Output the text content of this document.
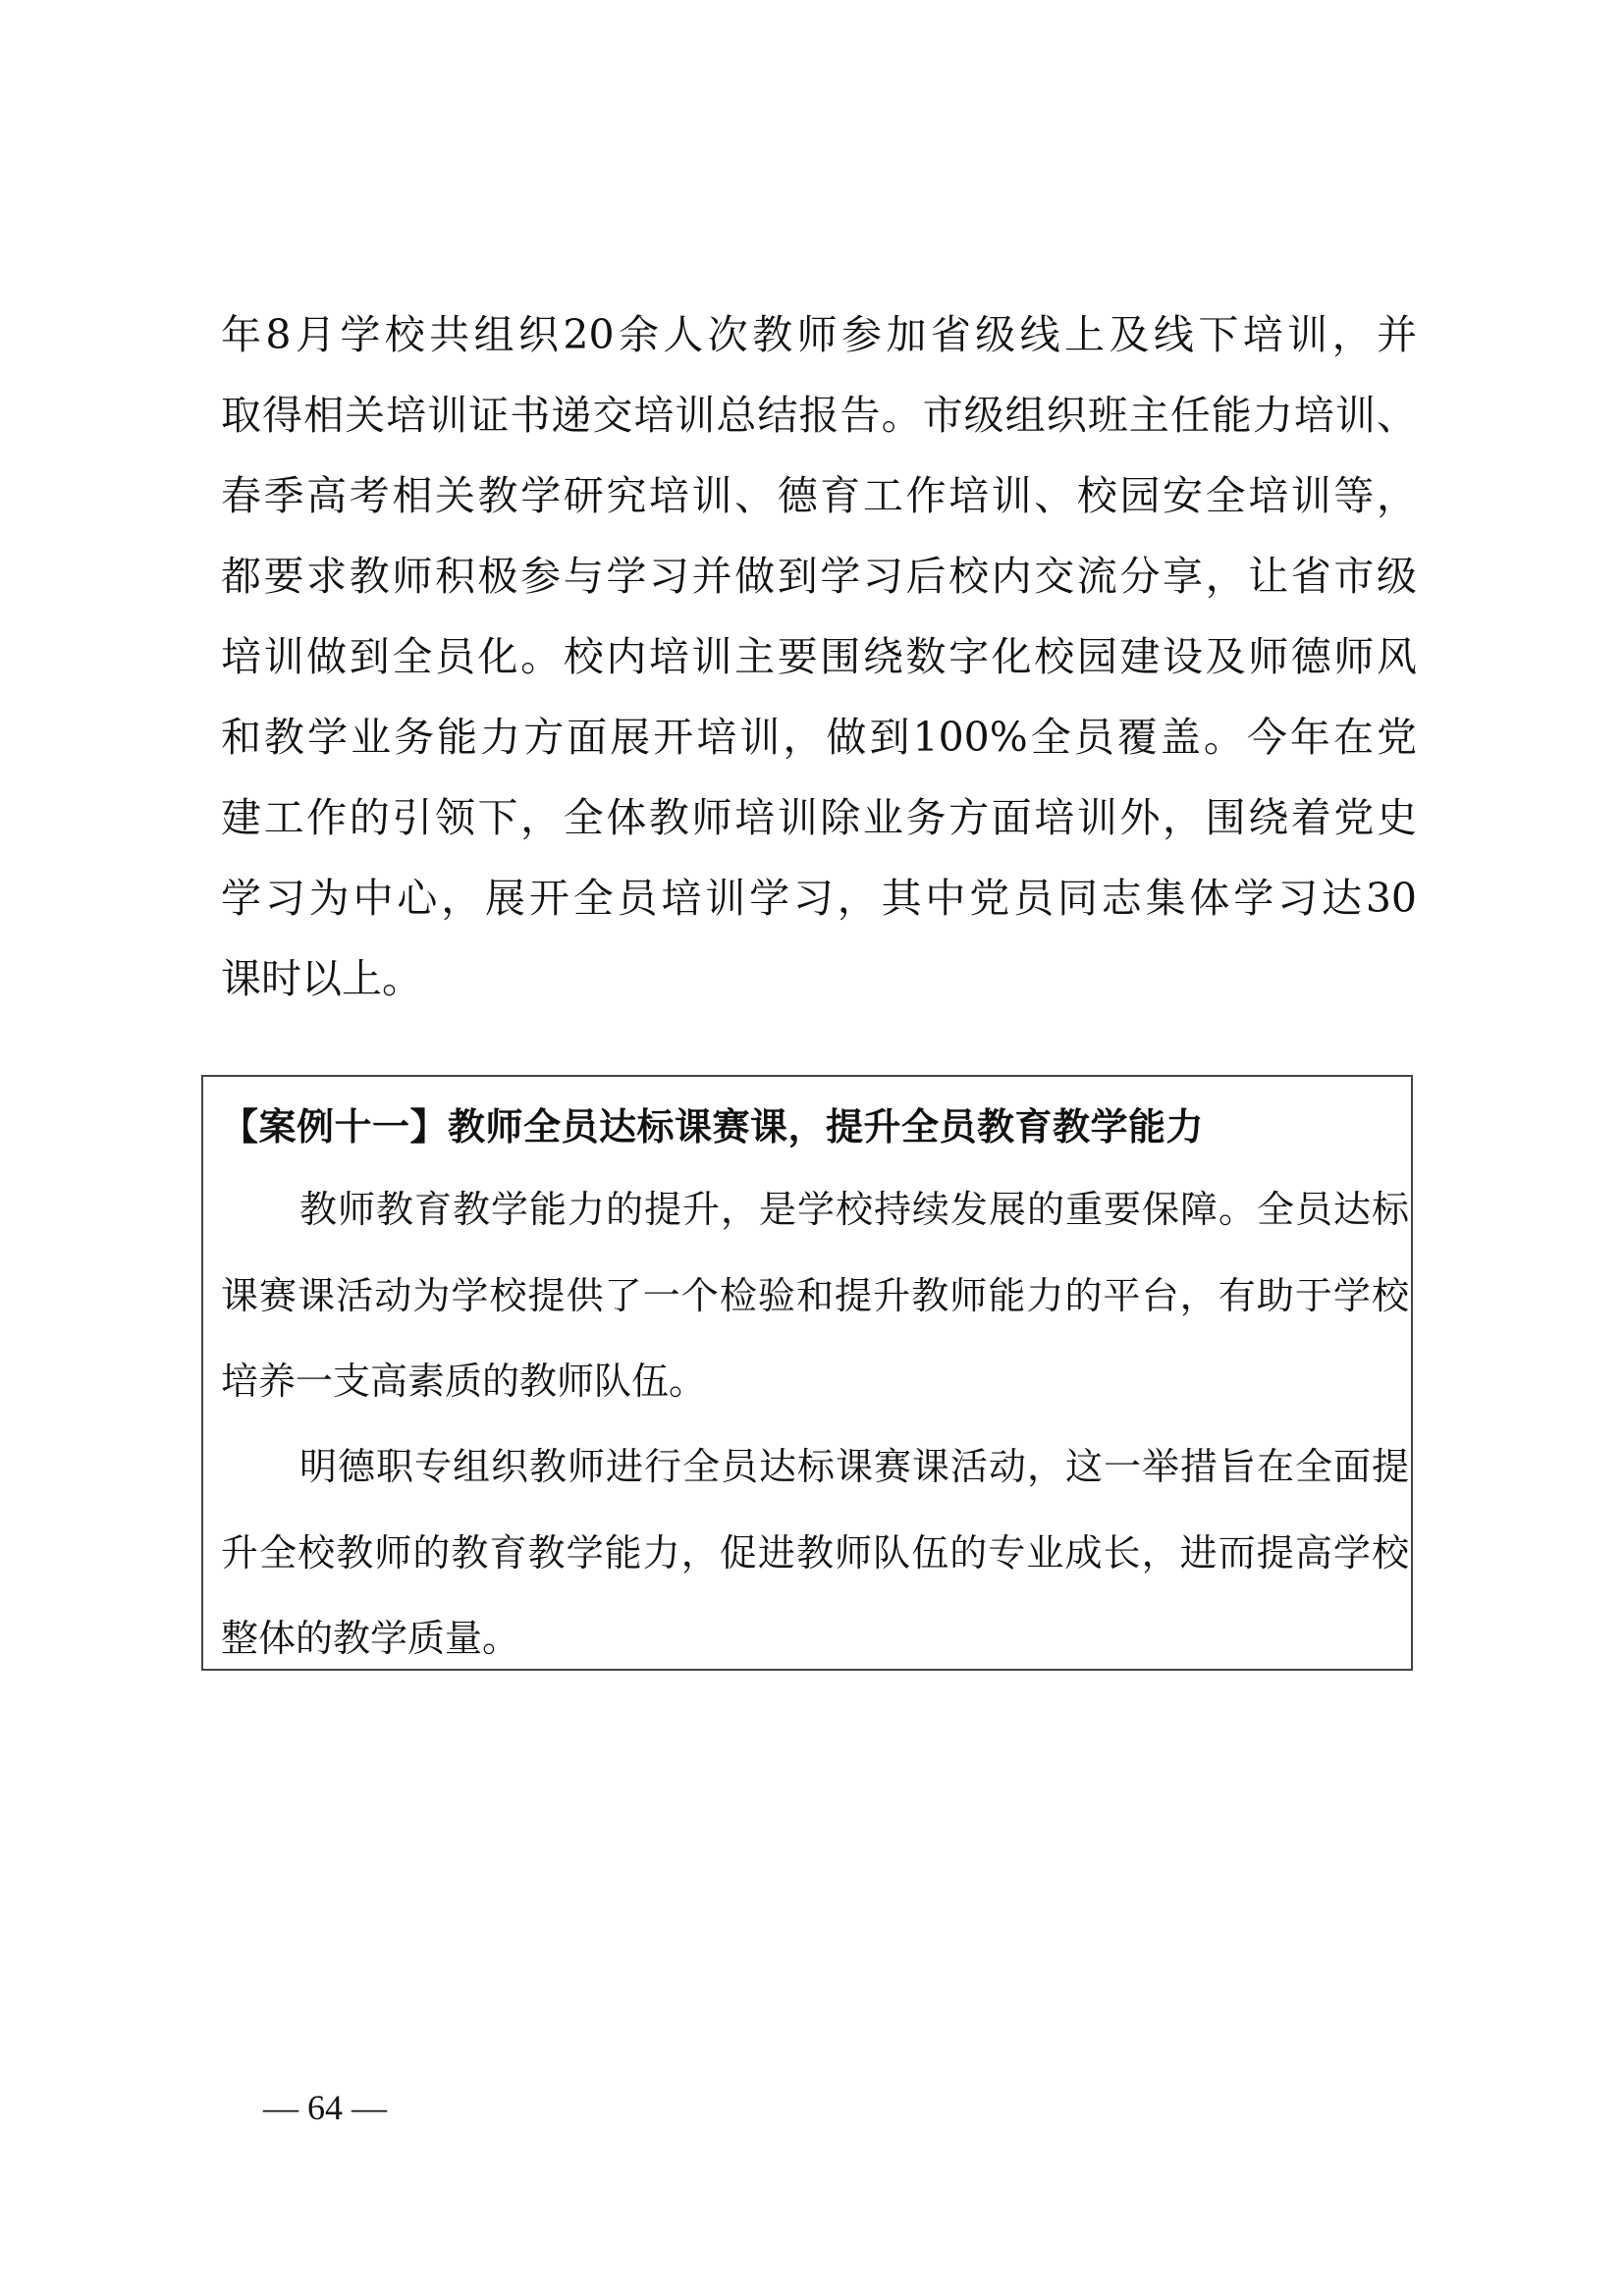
年8月学校共组织20余人次教师参加省级线上及线下培训，并
取得相关培训证书递交培训总结报告。市级组织班主任能力培训、
春季高考相关教学研究培训、德育工作培训、校园安全培训等，
都要求教师积极参与学习并做到学习后校内交流分享，让省市级
培训做到全员化。校内培训主要围绕数字化校园建设及师德师风
和教学业务能力方面展开培训，做到100%全员覆盖。今年在党
建工作的引领下，全体教师培训除业务方面培训外，围绕着党史
学习为中心，展开全员培训学习，其中党员同志集体学习达30
课时以上。
【案例十一】教师全员达标课赛课，提升全员教育教学能力
教师教育教学能力的提升，是学校持续发展的重要保障。全员达标
课赛课活动为学校提供了一个检验和提升教师能力的平台，有助于学校
培养一支高素质的教师队伍。
明德职专组织教师进行全员达标课赛课活动，这一举措旨在全面提
升全校教师的教育教学能力，促进教师队伍的专业成长，进而提高学校
整体的教学质量。
— 64 —
